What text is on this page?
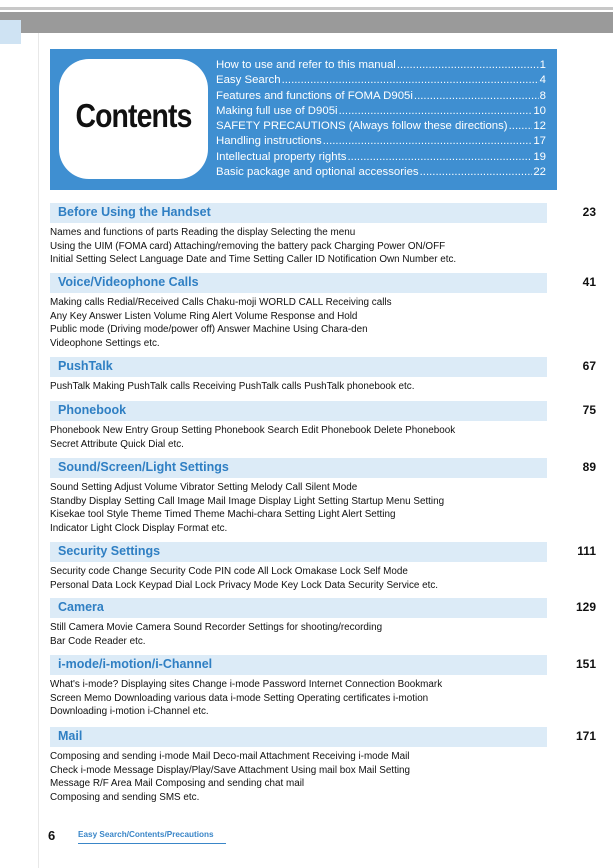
Contents
How to use and refer to this manual .....	1
Easy Search .....	4
Features and functions of FOMA D905i .....	8
Making full use of D905i .....	10
SAFETY PRECAUTIONS (Always follow these directions) ..... 12
Handling instructions .....	17
Intellectual property rights .....	19
Basic package and optional accessories .....	22
Before Using the Handset	23
Names and functions of parts Reading the display Selecting the menu
Using the UIM (FOMA card) Attaching/removing the battery pack Charging Power ON/OFF
Initial Setting Select Language Date and Time Setting Caller ID Notification Own Number etc.
Voice/Videophone Calls	41
Making calls Redial/Received Calls Chaku-moji WORLD CALL Receiving calls
Any Key Answer Listen Volume Ring Alert Volume Response and Hold
Public mode (Driving mode/power off) Answer Machine Using Chara-den
Videophone Settings etc.
PushTalk	67
PushTalk Making PushTalk calls Receiving PushTalk calls PushTalk phonebook etc.
Phonebook	75
Phonebook New Entry Group Setting Phonebook Search Edit Phonebook Delete Phonebook
Secret Attribute Quick Dial etc.
Sound/Screen/Light Settings	89
Sound Setting Adjust Volume Vibrator Setting Melody Call Silent Mode
Standby Display Setting Call Image Mail Image Display Light Setting Startup Menu Setting
Kisekae tool Style Theme Timed Theme Machi-chara Setting Light Alert Setting
Indicator Light Clock Display Format etc.
Security Settings	111
Security code Change Security Code PIN code All Lock Omakase Lock Self Mode
Personal Data Lock Keypad Dial Lock Privacy Mode Key Lock Data Security Service etc.
Camera	129
Still Camera Movie Camera Sound Recorder Settings for shooting/recording
Bar Code Reader etc.
i-mode/i-motion/i-Channel	151
What's i-mode? Displaying sites Change i-mode Password Internet Connection Bookmark
Screen Memo Downloading various data i-mode Setting Operating certificates i-motion
Downloading i-motion i-Channel etc.
Mail	171
Composing and sending i-mode Mail Deco-mail Attachment Receiving i-mode Mail
Check i-mode Message Display/Play/Save Attachment Using mail box Mail Setting
Message R/F Area Mail Composing and sending chat mail
Composing and sending SMS etc.
6	Easy Search/Contents/Precautions
